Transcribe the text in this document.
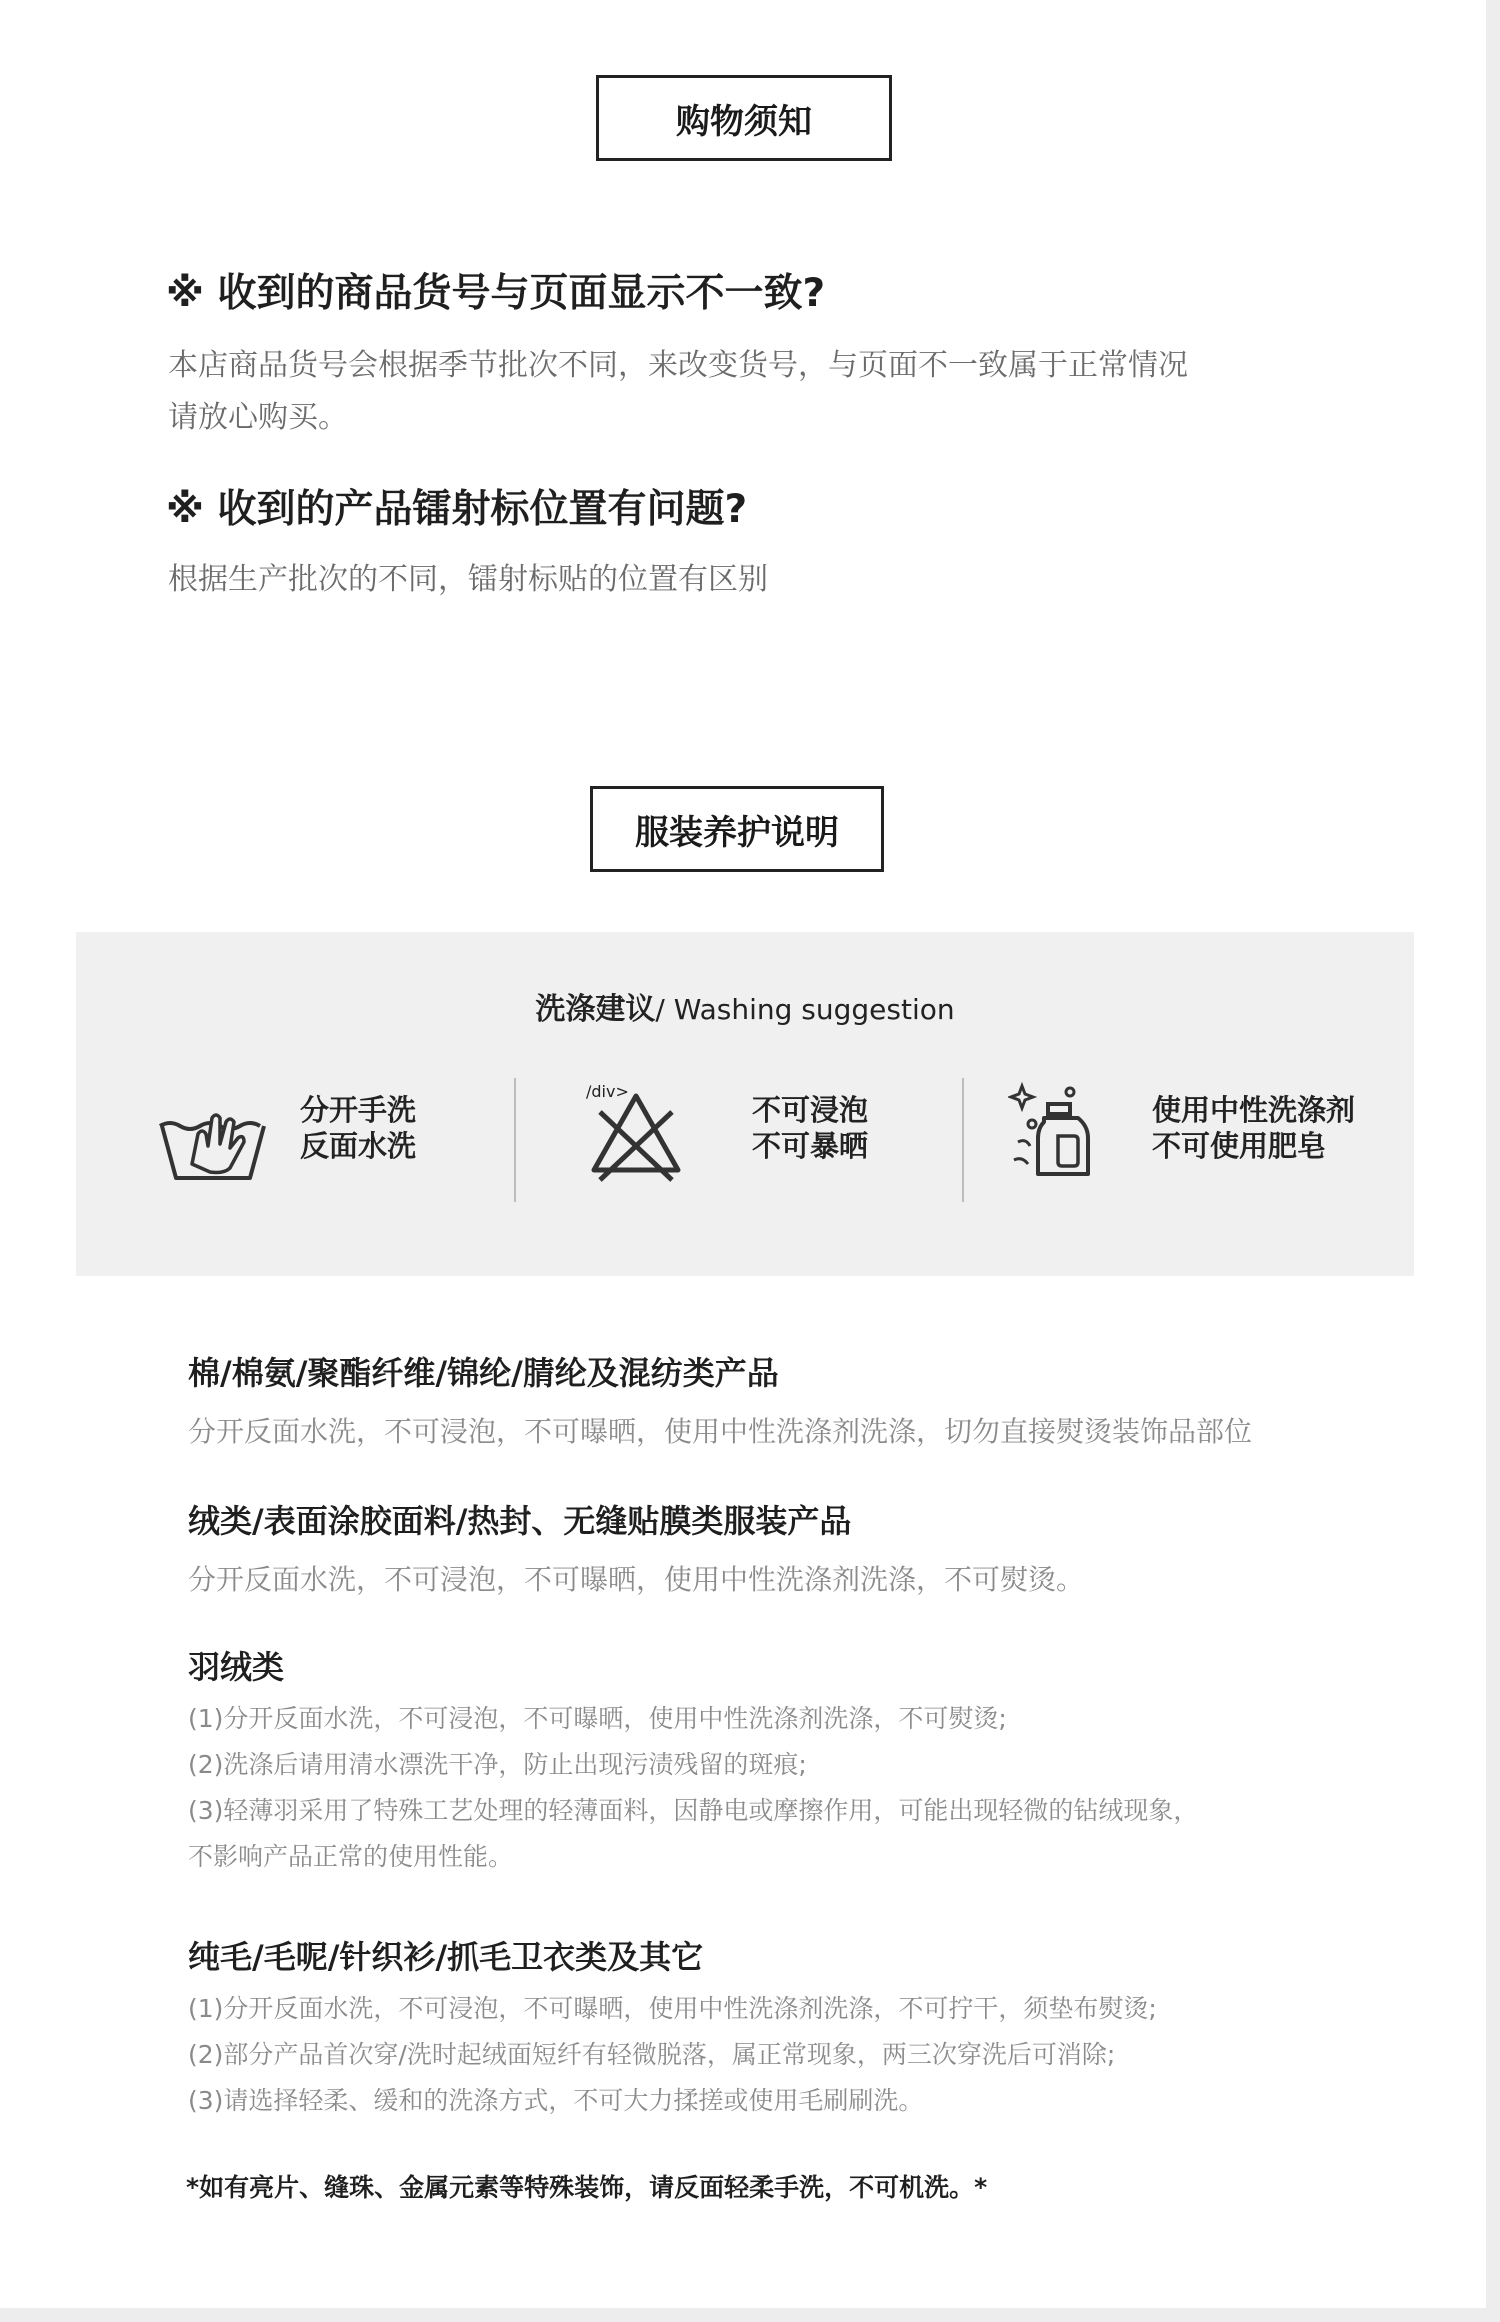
购物须知
※ 收到的商品货号与页面显示不一致?

本店商品货号会根据季节批次不同，来改变货号，与页面不一致属于正常情况

请放心购买。

※ 收到的产品镭射标位置有问题?

根据生产批次的不同，镭射标贴的位置有区别

服装养护说明
洗涤建议/ Washing suggestion
分开手洗
反面水洗
不可浸泡
不可暴晒
/div>
使用中性洗涤剂
不可使用肥皂
棉/棉氨/聚酯纤维/锦纶/腈纶及混纺类产品
分开反面水洗，不可浸泡，不可曝晒，使用中性洗涤剂洗涤，切勿直接熨烫装饰品部位
绒类/表面涂胶面料/热封、无缝贴膜类服装产品
分开反面水洗，不可浸泡，不可曝晒，使用中性洗涤剂洗涤，不可熨烫。
羽绒类
(1)分开反面水洗，不可浸泡，不可曝晒，使用中性洗涤剂洗涤，不可熨烫;
(2)洗涤后请用清水漂洗干净，防止出现污渍残留的斑痕;
(3)轻薄羽采用了特殊工艺处理的轻薄面料，因静电或摩擦作用，可能出现轻微的钻绒现象，
不影响产品正常的使用性能。
纯毛/毛呢/针织衫/抓毛卫衣类及其它
(1)分开反面水洗，不可浸泡，不可曝晒，使用中性洗涤剂洗涤，不可拧干，须垫布熨烫;
(2)部分产品首次穿/洗时起绒面短纤有轻微脱落，属正常现象，两三次穿洗后可消除;
(3)请选择轻柔、缓和的洗涤方式，不可大力揉搓或使用毛刷刷洗。
*如有亮片、缝珠、金属元素等特殊装饰，请反面轻柔手洗，不可机洗。*
